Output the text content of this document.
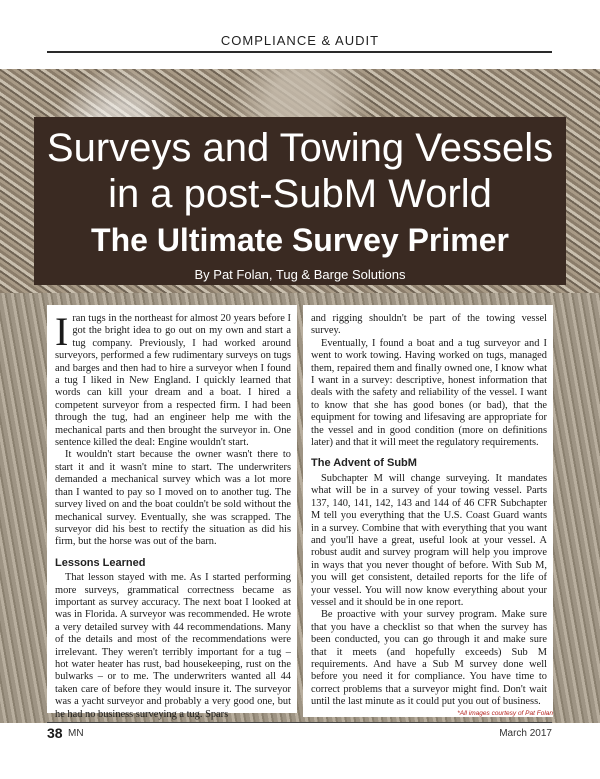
COMPLIANCE & AUDIT
Surveys and Towing Vessels
in a post-SubM World
The Ultimate Survey Primer
By Pat Folan, Tug & Barge Solutions

Iran tugs in the northeast for almost 20 years before I got the bright idea to go out on my own and start a tug company. Previously, I had worked around surveyors, performed a few rudimentary surveys on tugs and barges and then had to hire a surveyor when I found a tug I liked in New England. I quickly learned that words can kill your dream and a boat. I hired a competent surveyor from a respected firm. I had been through the tug, had an engineer help me with the mechanical parts and then brought the surveyor in. One sentence killed the deal: Engine wouldn't start.

It wouldn't start because the owner wasn't there to start it and it wasn't mine to start. The underwriters demanded a mechanical survey which was a lot more than I wanted to pay so I moved on to another tug. The survey lived on and the boat couldn't be sold without the mechanical survey. Eventually, she was scrapped. The surveyor did his best to rectify the situation as did his firm, but the horse was out of the barn.

Lessons Learned

That lesson stayed with me. As I started performing more surveys, grammatical correctness became as important as survey accuracy. The next boat I looked at was in Florida. A surveyor was recommended. He wrote a very detailed survey with 44 recommendations. Many of the details and most of the recommendations were irrelevant. They weren't terribly important for a tug – hot water heater has rust, bad housekeeping, rust on the bulwarks – or to me. The underwriters wanted all 44 taken care of before they would insure it. The surveyor was a yacht surveyor and probably a very good one, but he had no business surveying a tug. Spars

and rigging shouldn't be part of the towing vessel survey.

Eventually, I found a boat and a tug surveyor and I went to work towing. Having worked on tugs, managed them, repaired them and finally owned one, I know what I want in a survey: descriptive, honest information that deals with the safety and reliability of the vessel. I want to know that she has good bones (or bad), that the equipment for towing and lifesaving are appropriate for the vessel and in good condition (more on definitions later) and that it will meet the regulatory requirements.

The Advent of SubM

Subchapter M will change surveying. It mandates what will be in a survey of your towing vessel. Parts 137, 140, 141, 142, 143 and 144 of 46 CFR Subchapter M tell you everything that the U.S. Coast Guard wants in a survey. Combine that with everything that you want and you'll have a great, useful look at your vessel. A robust audit and survey program will help you improve in ways that you never thought of before. With Sub M, you will get consistent, detailed reports for the life of your vessel. You will now know everything about your vessel and it should be in one report.

Be proactive with your survey program. Make sure that you have a checklist so that when the survey has been conducted, you can go through it and make sure that it meets (and hopefully exceeds) Sub M requirements. And have a Sub M survey done well before you need it for compliance. You have time to correct problems that a surveyor might find. Don't wait until the last minute as it could put you out of business.

*All images courtesy of Pat Folan
38 MN	March 2017
